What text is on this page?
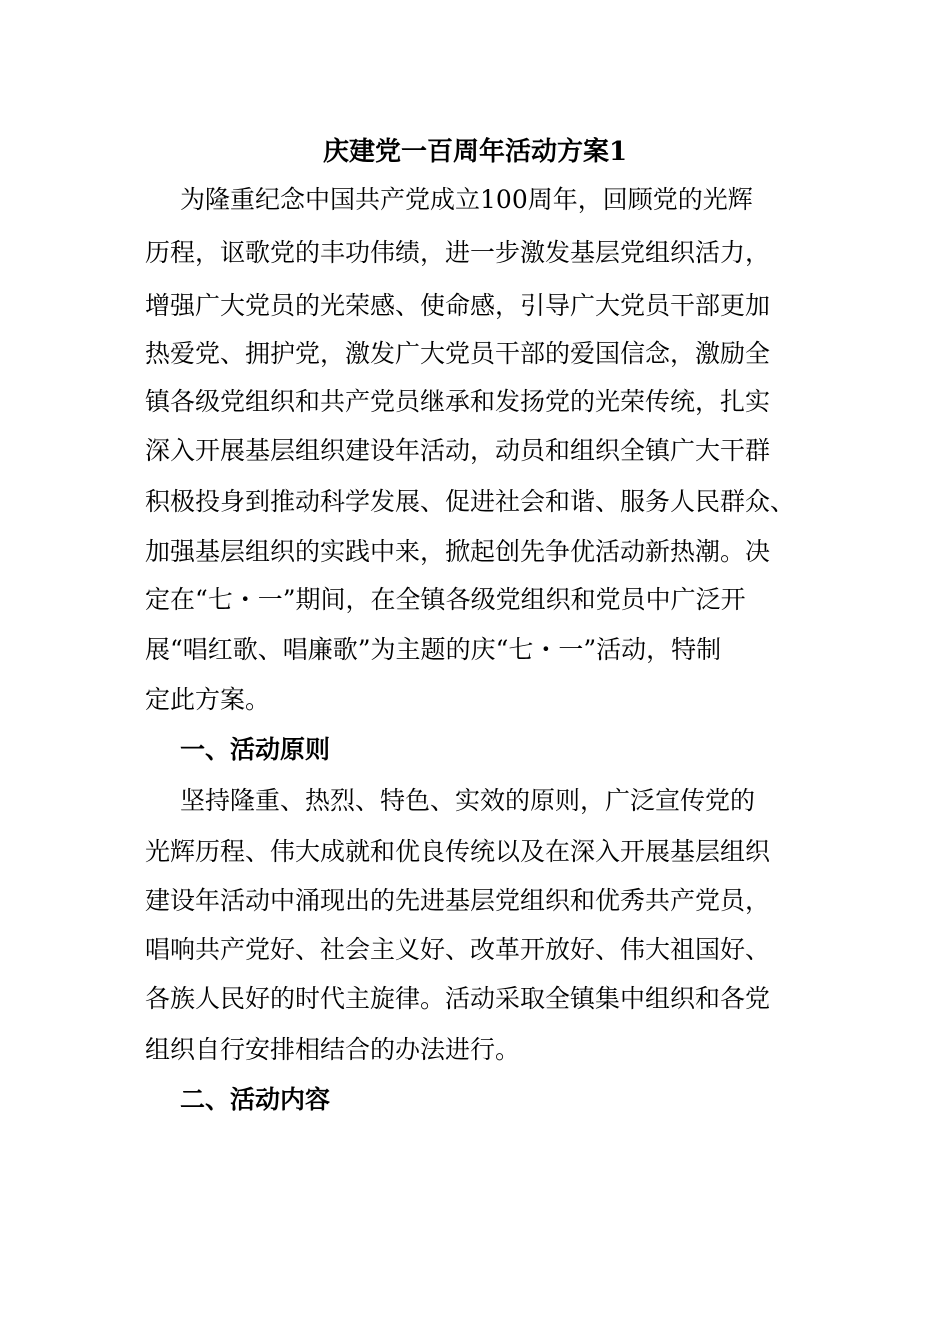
庆建党一百周年活动方案1
为隆重纪念中国共产党成立100周年，回顾党的光辉
历程，讴歌党的丰功伟绩，进一步激发基层党组织活力，
增强广大党员的光荣感、使命感，引导广大党员干部更加
热爱党、拥护党，激发广大党员干部的爱国信念，激励全
镇各级党组织和共产党员继承和发扬党的光荣传统，扎实
深入开展基层组织建设年活动，动员和组织全镇广大干群
积极投身到推动科学发展、促进社会和谐、服务人民群众、
加强基层组织的实践中来，掀起创先争优活动新热潮。决
定在“七・一”期间，在全镇各级党组织和党员中广泛开
展“唱红歌、唱廉歌”为主题的庆“七・一”活动，特制
定此方案。
一、活动原则
坚持隆重、热烈、特色、实效的原则，广泛宣传党的
光辉历程、伟大成就和优良传统以及在深入开展基层组织
建设年活动中涌现出的先进基层党组织和优秀共产党员，
唱响共产党好、社会主义好、改革开放好、伟大祖国好、
各族人民好的时代主旋律。活动采取全镇集中组织和各党
组织自行安排相结合的办法进行。
二、活动内容
